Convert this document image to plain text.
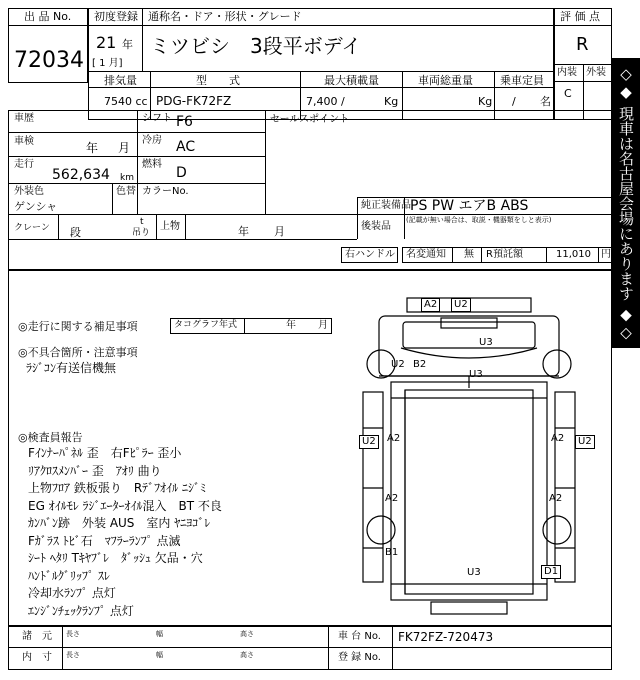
出 品 No.
72034
初度登録 通称名・ドア・形状・グレード
21 年
[ 1 月]
ミツビシ　3段平ボデイ
排気量	型　　式	最大積載量	車両総重量 乗車定員
7540 cc PDG-FK72FZ	7,400 /	Kg	Kg / 名
評 価 点
R
内装 外装
C	◇◆ 現車は名古屋会場にあります ◆◇
車歴	シフト F6
車検	年 月
冷房 AC
走行
562,634 km
燃料
D
セールスポイント
外装色
ゲンシャ
色替 カラーNo.
純正装備品 PS PW エアB ABS
後装品
(記載が無い場合は、取説・機器類をしと表示)
クレーン 段
t
吊り
上物	年 月
右ハンドル 名変通知 無 R預託額	11,010 円
◎走行に関する補足事項	タコグラフ年式	年 月
◎不具合箇所・注意事項
ﾗｼﾞｺﾝ有送信機無
◎検査員報告
Fｲﾝﾅｰﾊﾟﾈﾙ 歪　右Fﾋﾟﾗｰ 歪小
ﾘｱｸﾛｽﾒﾝﾊﾞｰ 歪　ｱｵﾘ 曲り
上物ﾌﾛｱ 鉄板張り　Rﾃﾞﾌｵｲﾙ ﾆｼﾞﾐ
EG ｵｲﾙﾓﾚ ﾗｼﾞｴｰﾀｰｵｲﾙ混入　BT 不良
ｶﾝﾊﾞﾝ跡　外装 AUS　室内 ﾔﾆﾖｺﾞﾚ
Fｶﾞﾗｽ ﾄﾋﾞ石　ﾏﾌﾗｰﾗﾝﾌﾟ 点滅
ｼｰﾄ ﾍﾀﾘ Tｷﾔﾌﾞﾚ　ﾀﾞｯｼｭ 欠品・穴
ﾊﾝﾄﾞﾙｸﾞﾘｯﾌﾟ ｽﾚ
冷却水ﾗﾝﾌﾟ 点灯
ｴﾝｼﾞﾝﾁｪｯｸﾗﾝﾌﾟ 点灯
A2	U2
U3
U2 B2
U3
U2	A2	A2	U2
A2	A2
B1
U3	D1
諸　元
内　寸
長さ	幅	高さ
長さ	幅	高さ
車 台 No. FK72FZ-720473
登 録 No.
